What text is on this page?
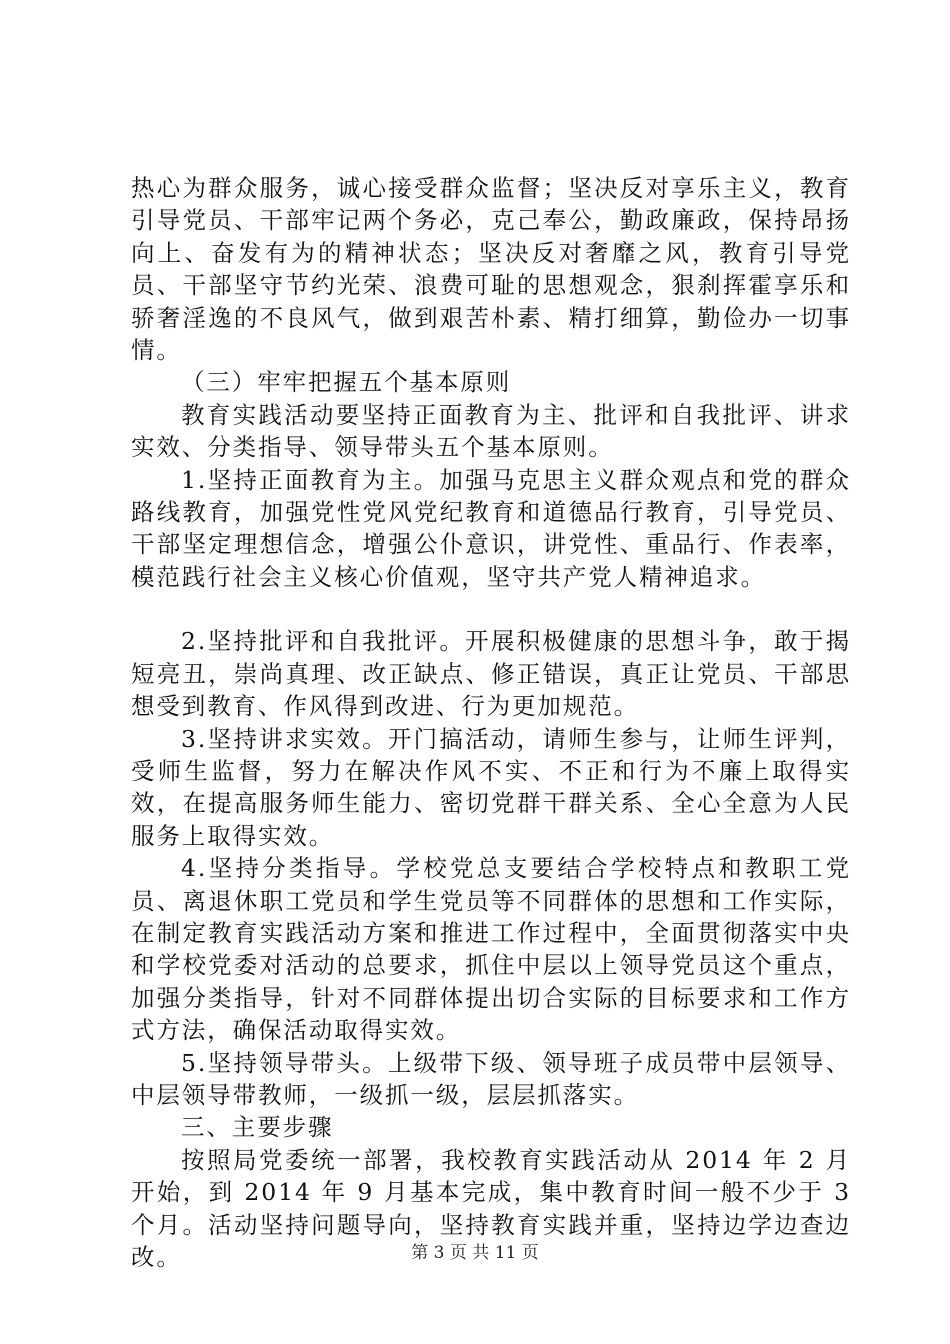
热心为群众服务，诚心接受群众监督；坚决反对享乐主义，教育引导党员、干部牢记两个务必，克己奉公，勤政廉政，保持昂扬向上、奋发有为的精神状态；坚决反对奢靡之风，教育引导党员、干部坚守节约光荣、浪费可耻的思想观念，狠刹挥霍享乐和骄奢淫逸的不良风气，做到艰苦朴素、精打细算，勤俭办一切事情。

（三）牢牢把握五个基本原则

教育实践活动要坚持正面教育为主、批评和自我批评、讲求实效、分类指导、领导带头五个基本原则。

1.坚持正面教育为主。加强马克思主义群众观点和党的群众路线教育，加强党性党风党纪教育和道德品行教育，引导党员、干部坚定理想信念，增强公仆意识，讲党性、重品行、作表率，模范践行社会主义核心价值观，坚守共产党人精神追求。

2.坚持批评和自我批评。开展积极健康的思想斗争，敢于揭短亮丑，崇尚真理、改正缺点、修正错误，真正让党员、干部思想受到教育、作风得到改进、行为更加规范。

3.坚持讲求实效。开门搞活动，请师生参与，让师生评判，受师生监督，努力在解决作风不实、不正和行为不廉上取得实效，在提高服务师生能力、密切党群干群关系、全心全意为人民服务上取得实效。

4.坚持分类指导。学校党总支要结合学校特点和教职工党员、离退休职工党员和学生党员等不同群体的思想和工作实际，在制定教育实践活动方案和推进工作过程中，全面贯彻落实中央和学校党委对活动的总要求，抓住中层以上领导党员这个重点，加强分类指导，针对不同群体提出切合实际的目标要求和工作方式方法，确保活动取得实效。

5.坚持领导带头。上级带下级、领导班子成员带中层领导、中层领导带教师，一级抓一级，层层抓落实。

三、主要步骤

按照局党委统一部署，我校教育实践活动从 2014 年 2 月开始，到 2014 年 9 月基本完成，集中教育时间一般不少于 3 个月。活动坚持问题导向，坚持教育实践并重，坚持边学边查边改。	第 3 页 共 11 页
